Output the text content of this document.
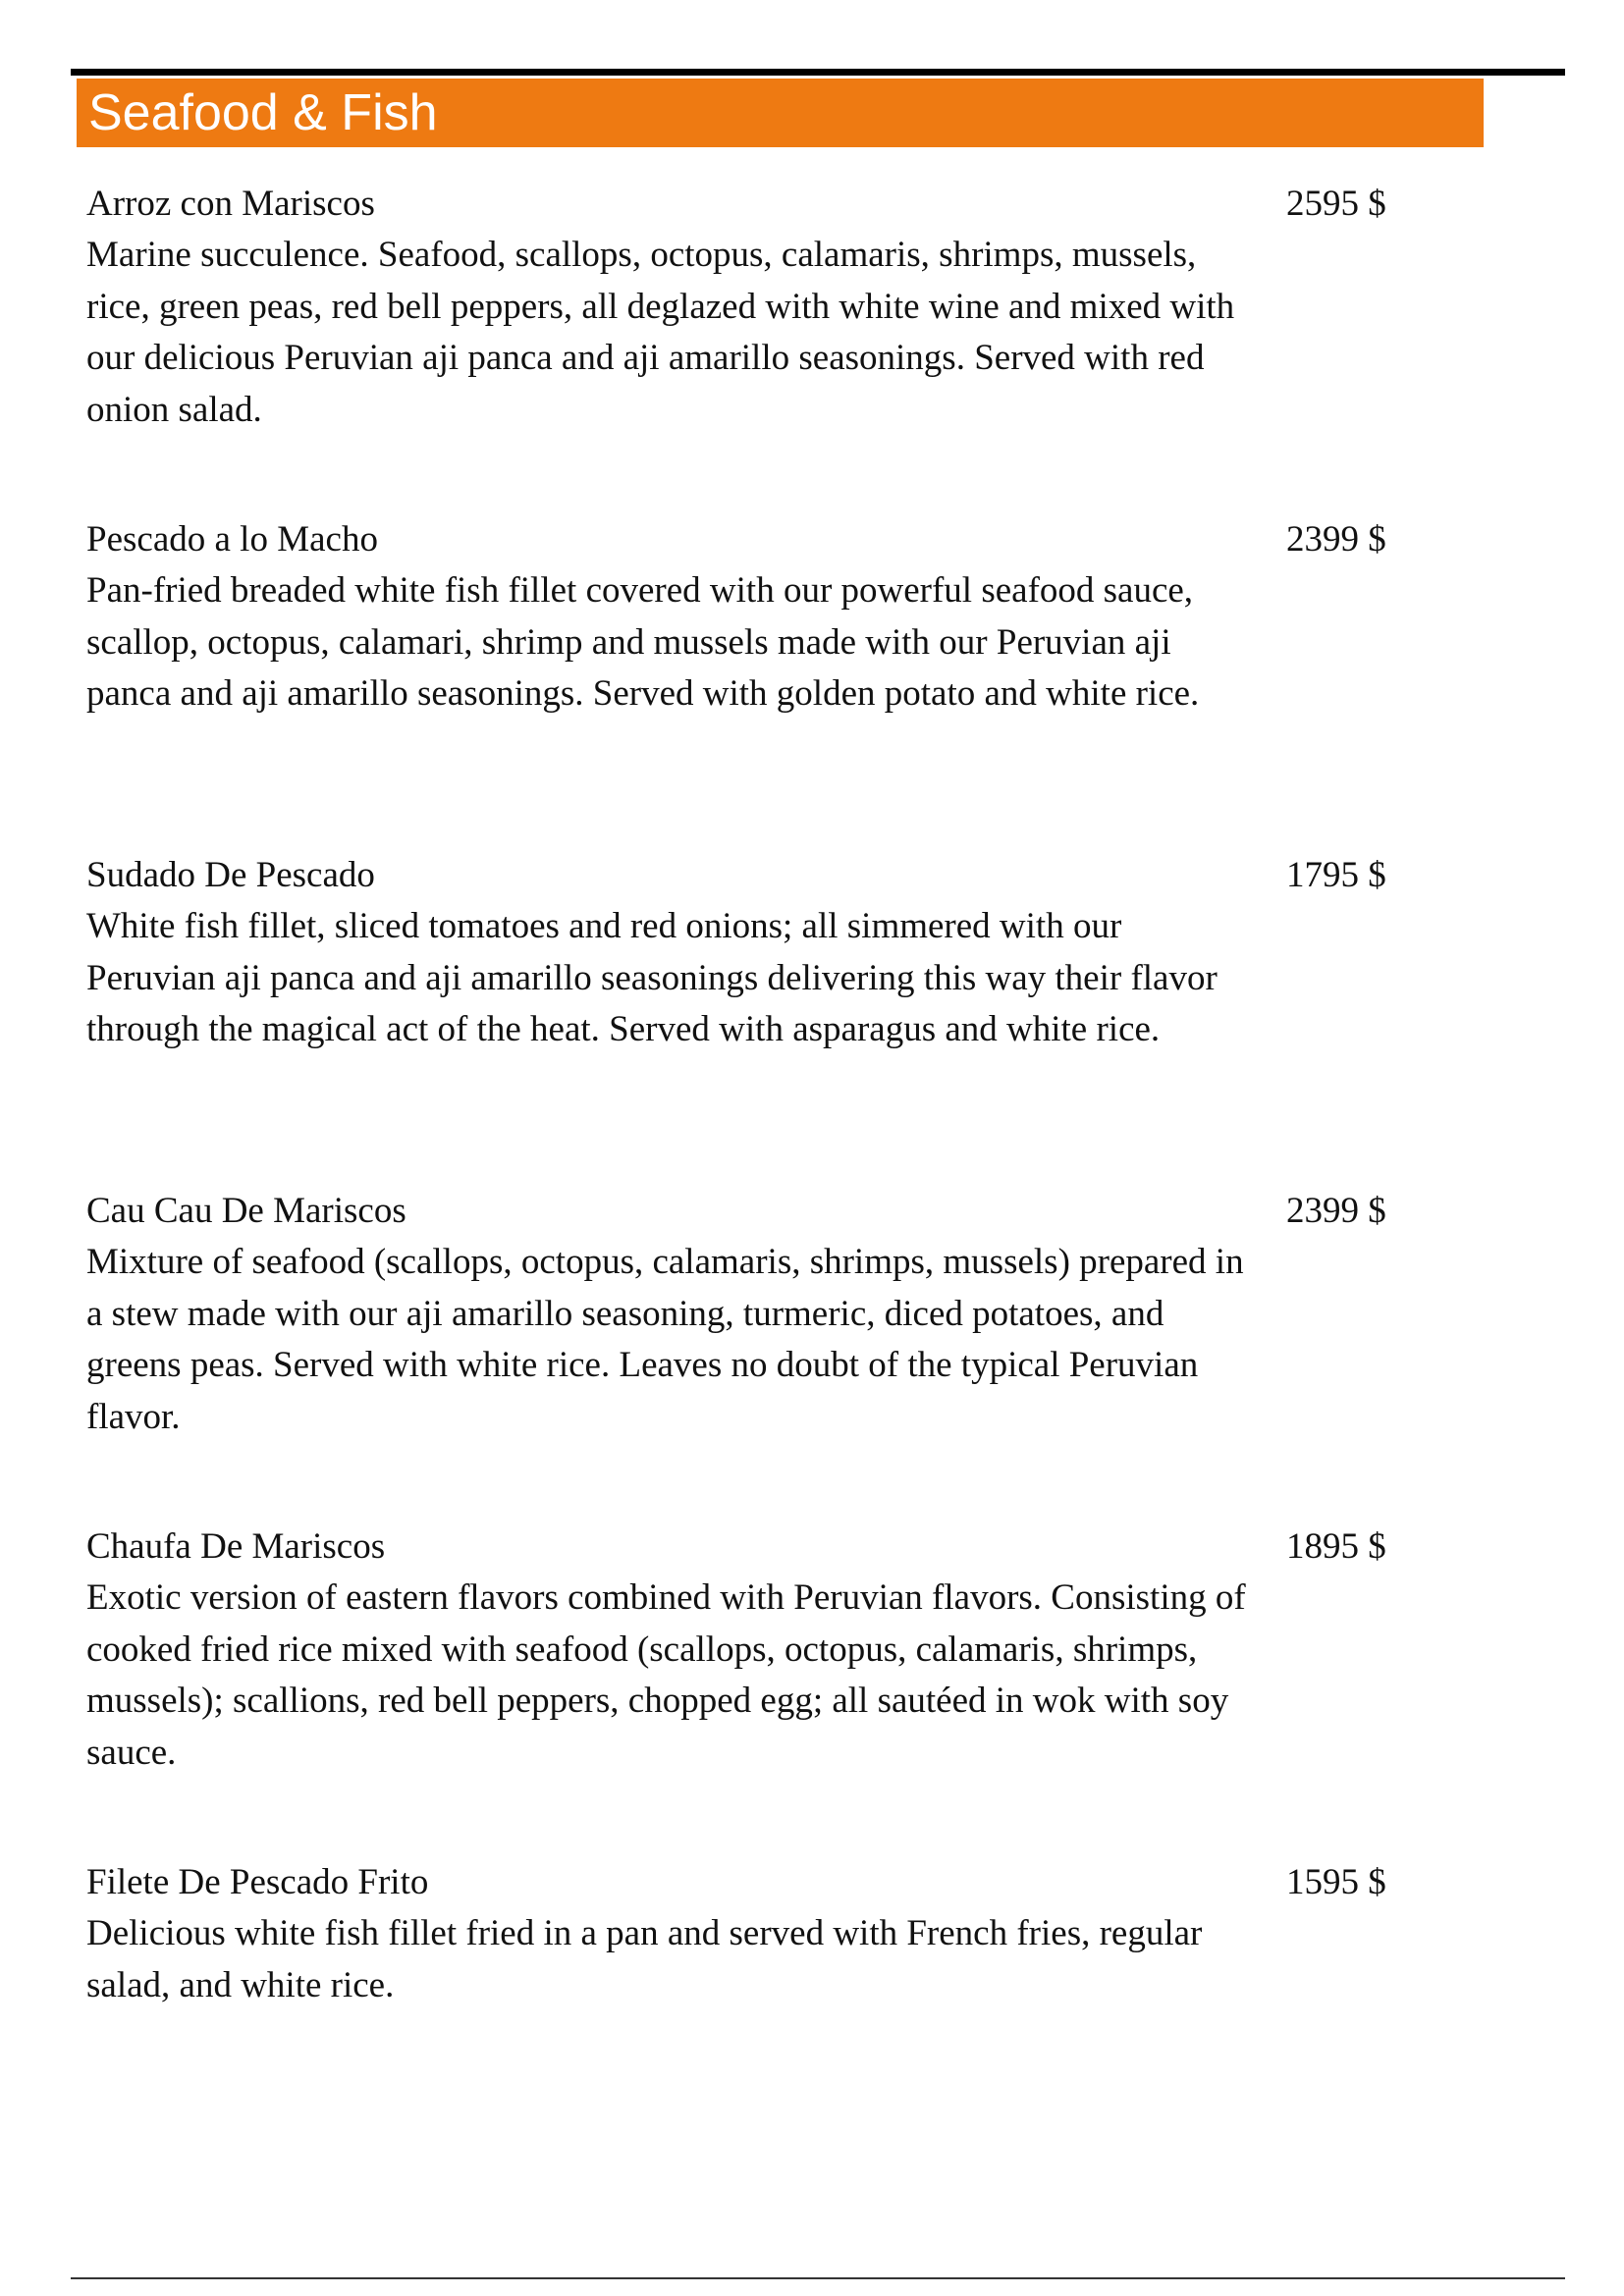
Seafood & Fish
Arroz con Mariscos	2595 $
Marine succulence. Seafood, scallops, octopus, calamaris, shrimps, mussels, rice, green peas, red bell peppers, all deglazed with white wine and mixed with our delicious Peruvian aji panca and aji amarillo seasonings. Served with red onion salad.
Pescado a lo Macho	2399 $
Pan-fried breaded white fish fillet covered with our powerful seafood sauce, scallop, octopus, calamari, shrimp and mussels made with our Peruvian aji panca and aji amarillo seasonings. Served with golden potato and white rice.
Sudado De Pescado	1795 $
White fish fillet, sliced tomatoes and red onions; all simmered with our Peruvian aji panca and aji amarillo seasonings delivering this way their flavor through the magical act of the heat. Served with asparagus and white rice.
Cau Cau De Mariscos	2399 $
Mixture of seafood (scallops, octopus, calamaris, shrimps, mussels) prepared in a stew made with our aji amarillo seasoning, turmeric, diced potatoes, and greens peas. Served with white rice. Leaves no doubt of the typical Peruvian flavor.
Chaufa De Mariscos	1895 $
Exotic version of eastern flavors combined with Peruvian flavors. Consisting of cooked fried rice mixed with seafood (scallops, octopus, calamaris, shrimps, mussels); scallions, red bell peppers, chopped egg; all sautéed in wok with soy sauce.
Filete De Pescado Frito	1595 $
Delicious white fish fillet fried in a pan and served with French fries, regular salad, and white rice.
